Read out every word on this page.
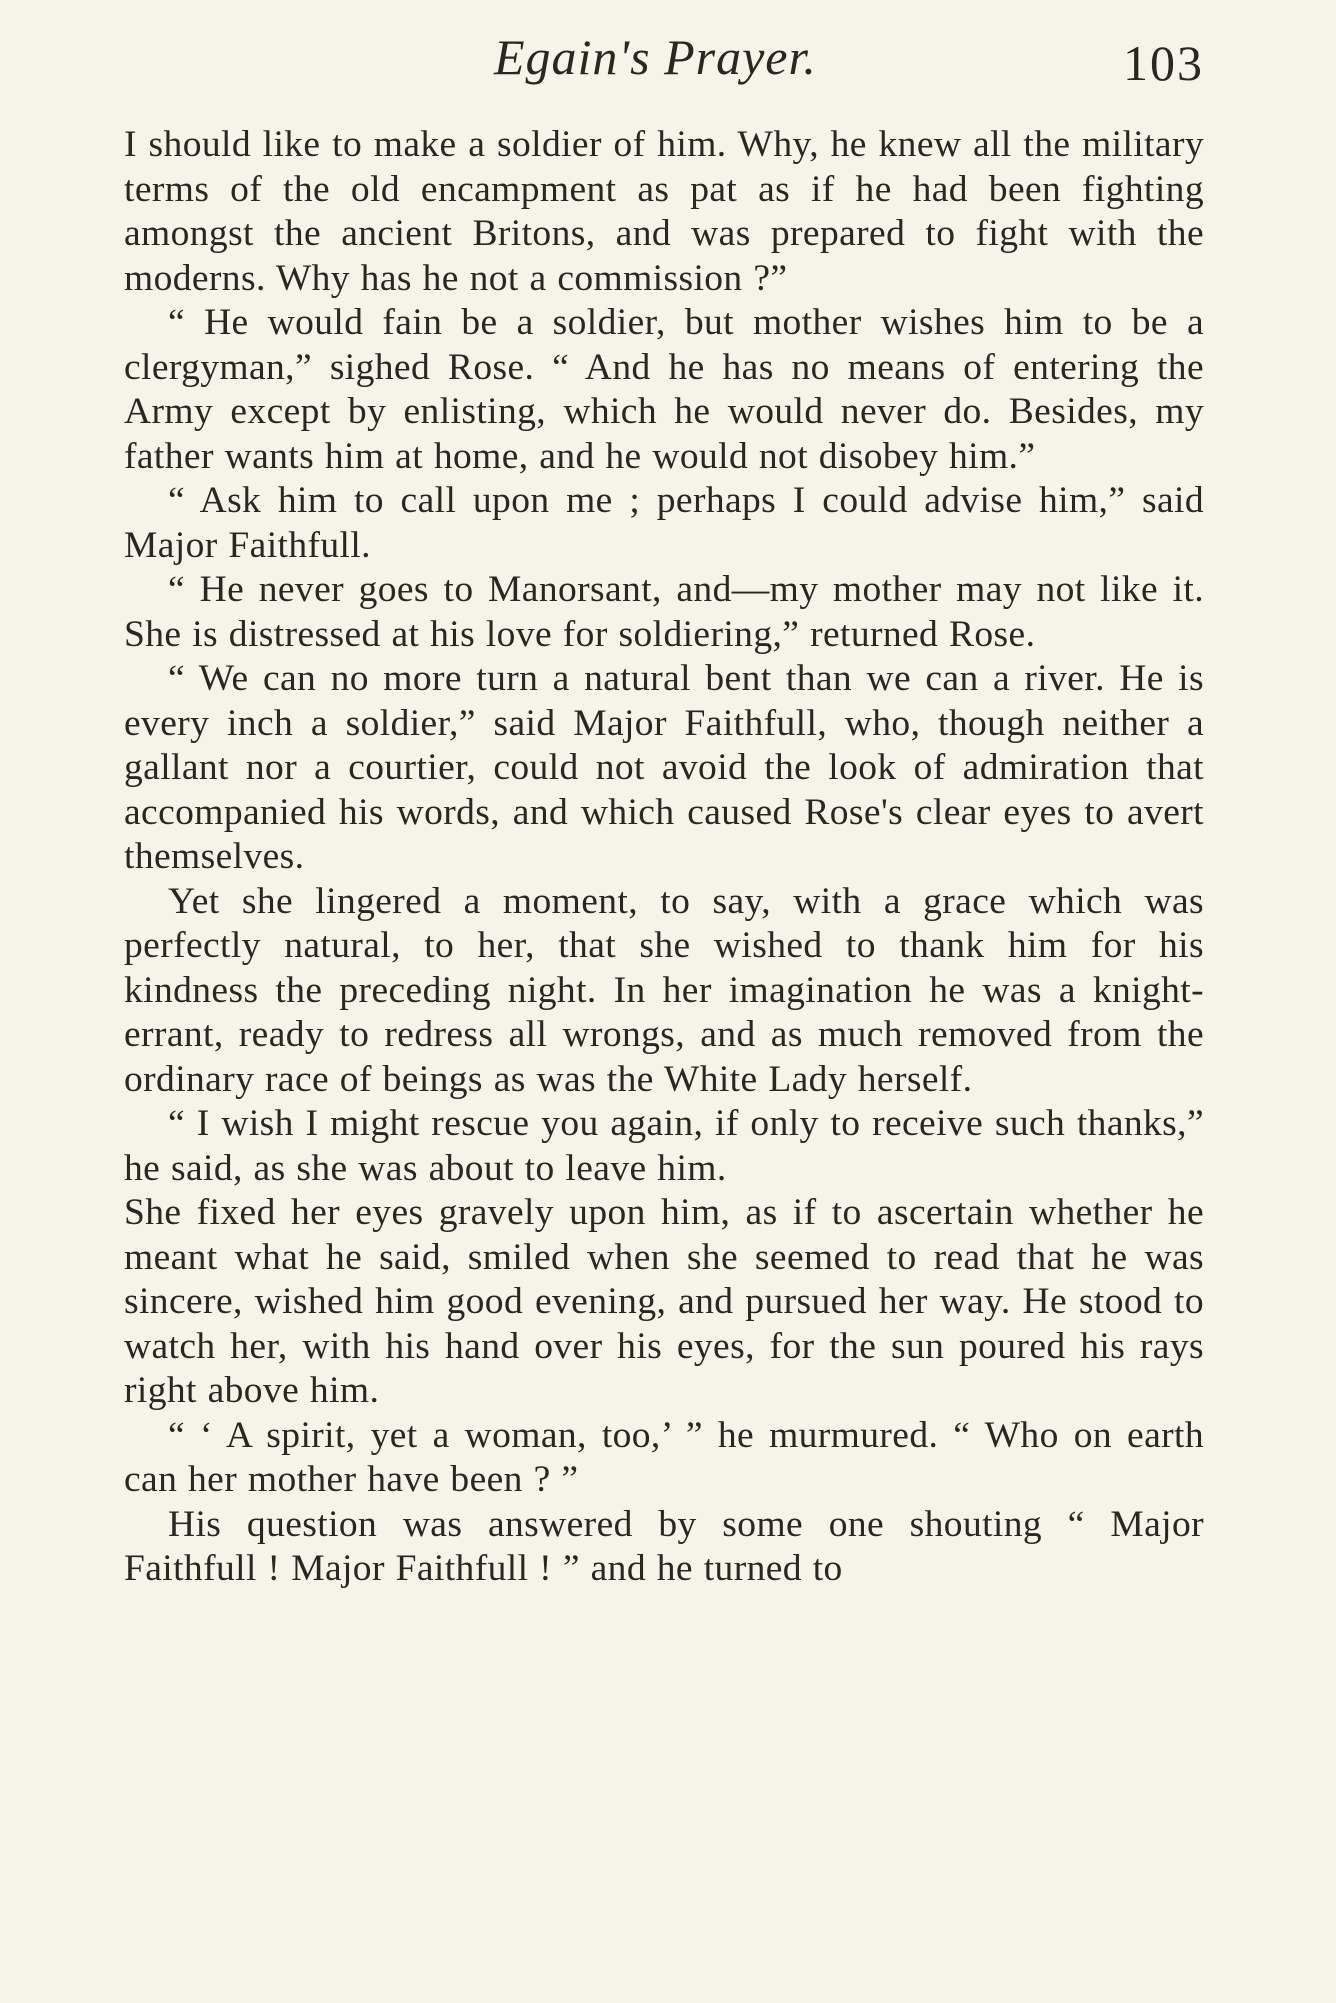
Egain's Prayer.	103

I should like to make a soldier of him. Why, he knew all the military terms of the old encampment as pat as if he had been fighting amongst the ancient Britons, and was prepared to fight with the moderns. Why has he not a commission ?”

“ He would fain be a soldier, but mother wishes him to be a clergyman,” sighed Rose. “ And he has no means of entering the Army except by enlisting, which he would never do. Besides, my father wants him at home, and he would not disobey him.”

“ Ask him to call upon me ; perhaps I could advise him,” said Major Faithfull.

“ He never goes to Manorsant, and—my mother may not like it. She is distressed at his love for soldiering,” returned Rose.

“ We can no more turn a natural bent than we can a river. He is every inch a soldier,” said Major Faithfull, who, though neither a gallant nor a courtier, could not avoid the look of admiration that accompanied his words, and which caused Rose's clear eyes to avert themselves.

Yet she lingered a moment, to say, with a grace which was perfectly natural, to her, that she wished to thank him for his kindness the preceding night. In her imagination he was a knight-errant, ready to redress all wrongs, and as much removed from the ordinary race of beings as was the White Lady herself.

“ I wish I might rescue you again, if only to receive such thanks,” he said, as she was about to leave him.

She fixed her eyes gravely upon him, as if to ascertain whether he meant what he said, smiled when she seemed to read that he was sincere, wished him good evening, and pursued her way. He stood to watch her, with his hand over his eyes, for the sun poured his rays right above him.

“ ‘ A spirit, yet a woman, too,’ ” he murmured. “ Who on earth can her mother have been ? ”

His question was answered by some one shouting “ Major Faithfull ! Major Faithfull ! ” and he turned to
